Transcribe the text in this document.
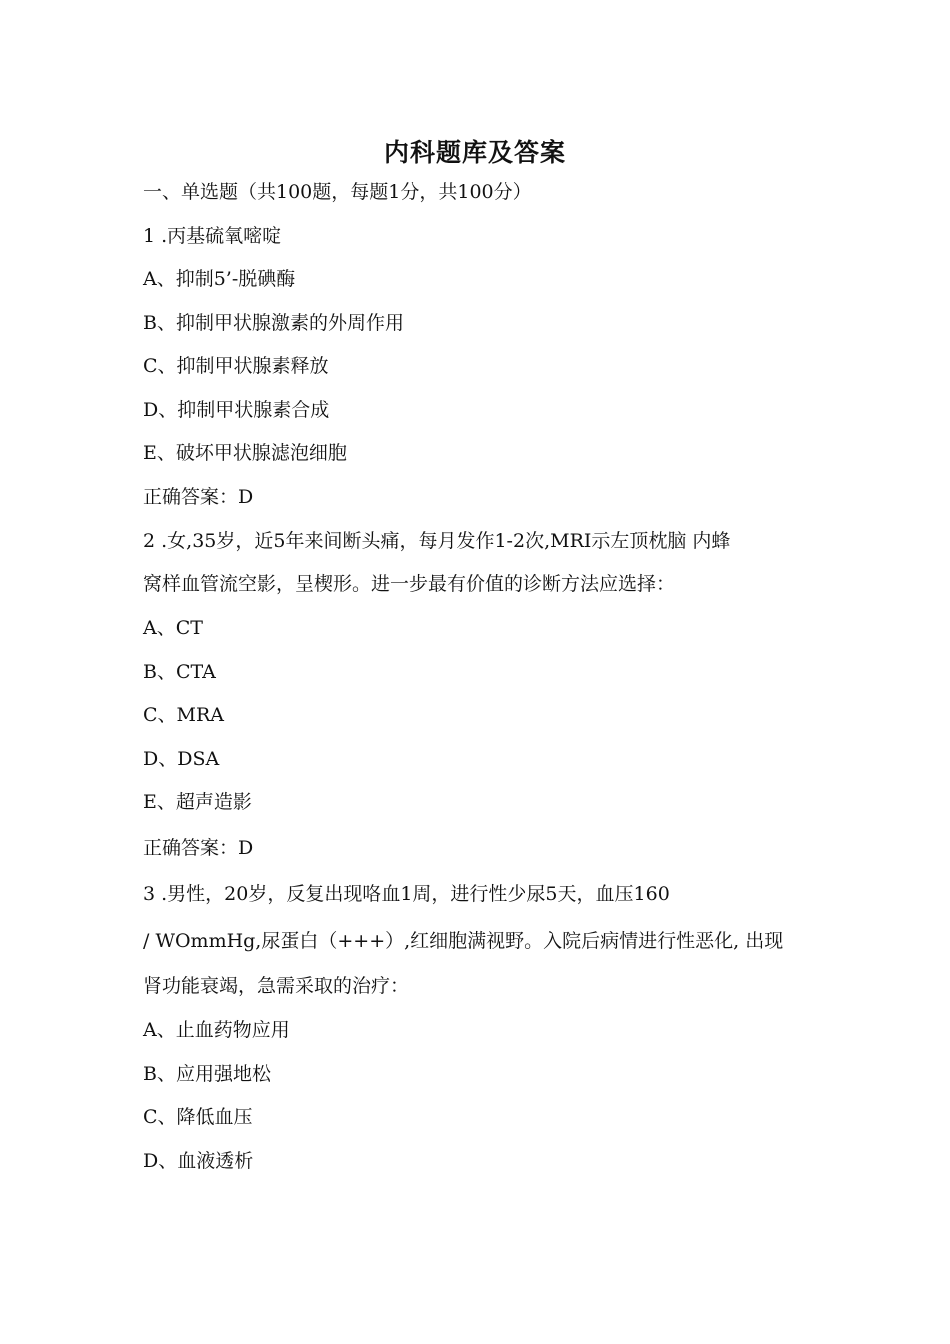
内科题库及答案
一、单选题（共100题，每题1分，共100分）
1 .丙基硫氧嘧啶
A、抑制5’-脱碘酶
B、抑制甲状腺激素的外周作用
C、抑制甲状腺素释放
D、抑制甲状腺素合成
E、破坏甲状腺滤泡细胞
正确答案：D
2 .女,35岁，近5年来间断头痛，每月发作1-2次,MRI示左顶枕脑 内蜂
窝样血管流空影，呈楔形。进一步最有价值的诊断方法应选择：
A、CT
B、CTA
C、MRA
D、DSA
E、超声造影
正确答案：D
3 .男性，20岁，反复出现咯血1周，进行性少尿5天，血压160
/ WOmmHg,尿蛋白（+++）,红细胞满视野。入院后病情进行性恶化, 出现
肾功能衰竭，急需采取的治疗：
A、止血药物应用
B、应用强地松
C、降低血压
D、血液透析
